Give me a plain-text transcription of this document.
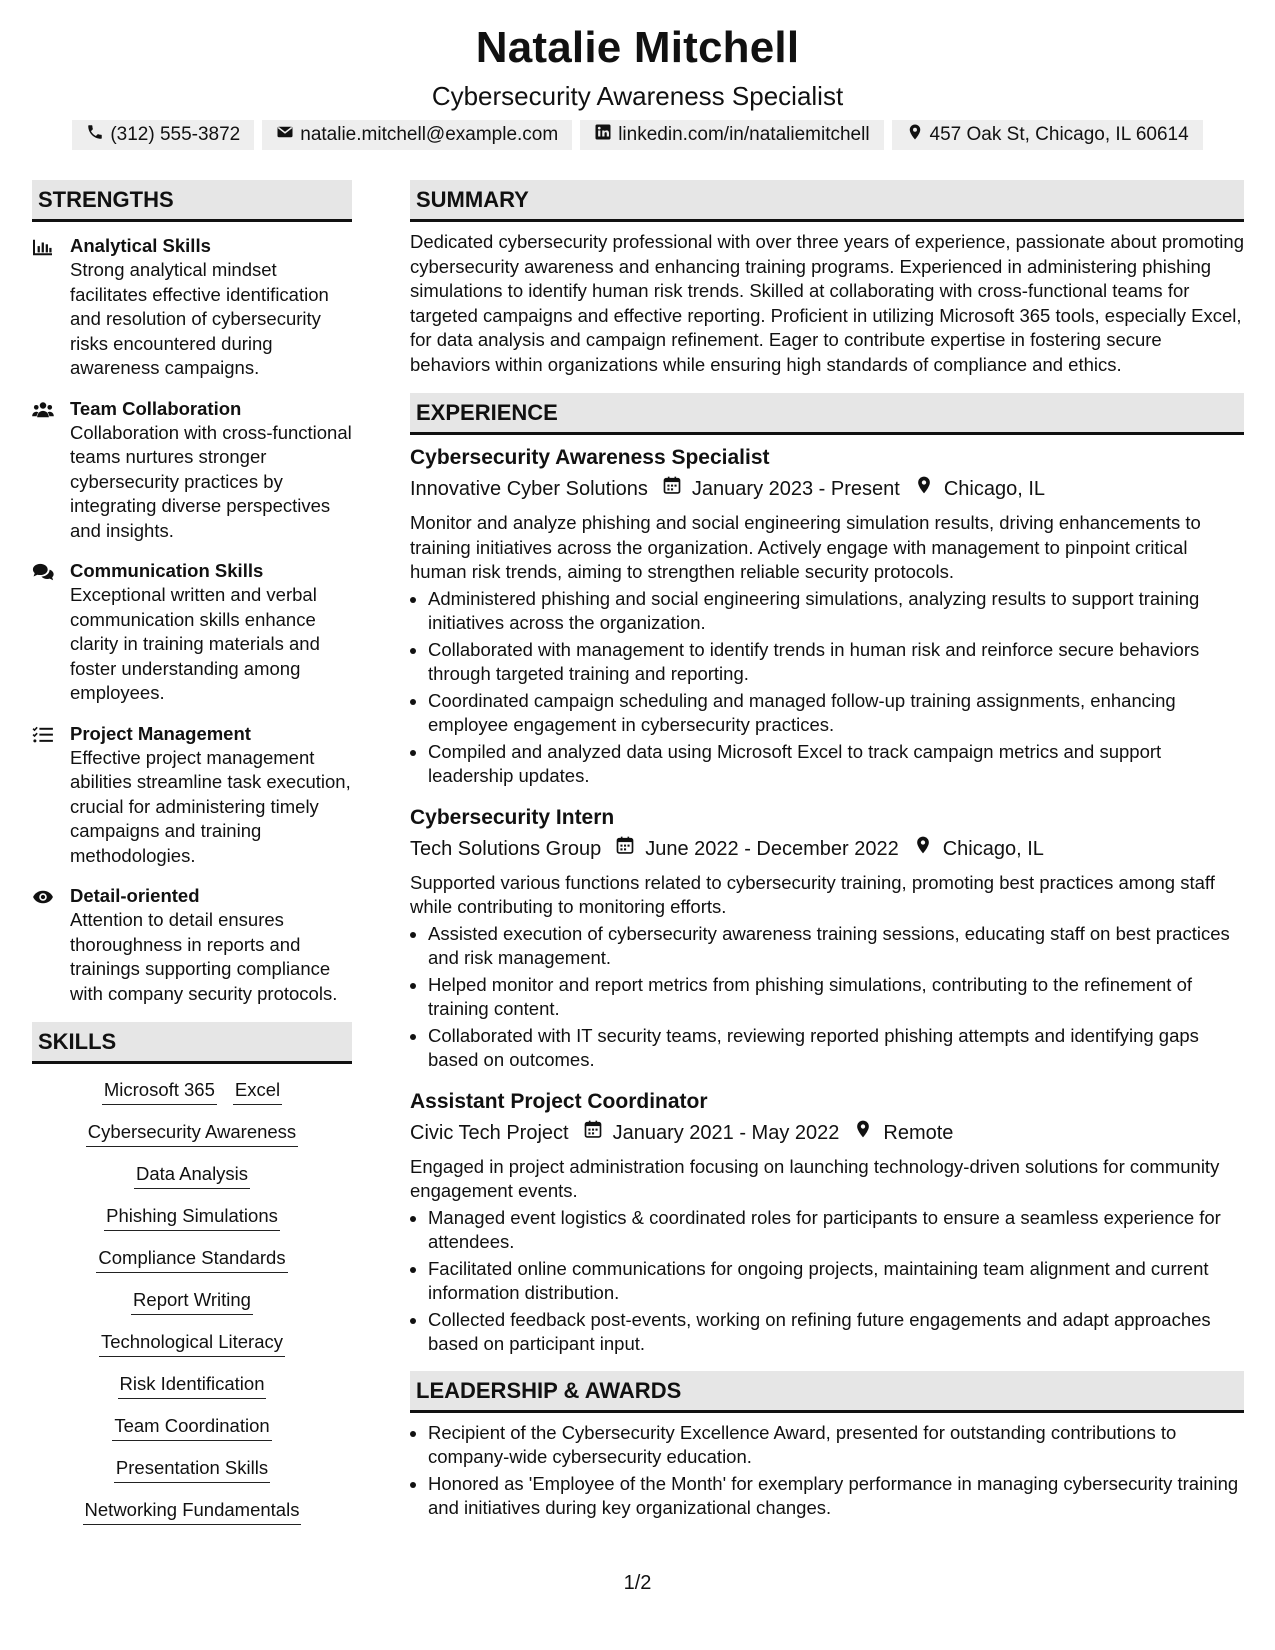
Natalie Mitchell
Cybersecurity Awareness Specialist
(312) 555-3872	natalie.mitchell@example.com	linkedin.com/in/nataliemitchell	457 Oak St, Chicago, IL 60614
STRENGTHS
Analytical Skills
Strong analytical mindset facilitates effective identification and resolution of cybersecurity risks encountered during awareness campaigns.
Team Collaboration
Collaboration with cross-functional teams nurtures stronger cybersecurity practices by integrating diverse perspectives and insights.
Communication Skills
Exceptional written and verbal communication skills enhance clarity in training materials and foster understanding among employees.
Project Management
Effective project management abilities streamline task execution, crucial for administering timely campaigns and training methodologies.
Detail-oriented
Attention to detail ensures thoroughness in reports and trainings supporting compliance with company security protocols.
SKILLS
Microsoft 365 Excel
Cybersecurity Awareness
Data Analysis
Phishing Simulations
Compliance Standards
Report Writing
Technological Literacy
Risk Identification
Team Coordination
Presentation Skills
Networking Fundamentals
SUMMARY
Dedicated cybersecurity professional with over three years of experience, passionate about promoting cybersecurity awareness and enhancing training programs. Experienced in administering phishing simulations to identify human risk trends. Skilled at collaborating with cross-functional teams for targeted campaigns and effective reporting. Proficient in utilizing Microsoft 365 tools, especially Excel, for data analysis and campaign refinement. Eager to contribute expertise in fostering secure behaviors within organizations while ensuring high standards of compliance and ethics.
EXPERIENCE
Cybersecurity Awareness Specialist
Innovative Cyber Solutions January 2023 - Present Chicago, IL
Monitor and analyze phishing and social engineering simulation results, driving enhancements to training initiatives across the organization. Actively engage with management to pinpoint critical human risk trends, aiming to strengthen reliable security protocols.
• Administered phishing and social engineering simulations, analyzing results to support training initiatives across the organization.
• Collaborated with management to identify trends in human risk and reinforce secure behaviors through targeted training and reporting.
• Coordinated campaign scheduling and managed follow-up training assignments, enhancing employee engagement in cybersecurity practices.
• Compiled and analyzed data using Microsoft Excel to track campaign metrics and support leadership updates.
Cybersecurity Intern
Tech Solutions Group June 2022 - December 2022 Chicago, IL
Supported various functions related to cybersecurity training, promoting best practices among staff while contributing to monitoring efforts.
• Assisted execution of cybersecurity awareness training sessions, educating staff on best practices and risk management.
• Helped monitor and report metrics from phishing simulations, contributing to the refinement of training content.
• Collaborated with IT security teams, reviewing reported phishing attempts and identifying gaps based on outcomes.
Assistant Project Coordinator
Civic Tech Project January 2021 - May 2022 Remote
Engaged in project administration focusing on launching technology-driven solutions for community engagement events.
• Managed event logistics & coordinated roles for participants to ensure a seamless experience for attendees.
• Facilitated online communications for ongoing projects, maintaining team alignment and current information distribution.
• Collected feedback post-events, working on refining future engagements and adapt approaches based on participant input.
LEADERSHIP & AWARDS
• Recipient of the Cybersecurity Excellence Award, presented for outstanding contributions to company-wide cybersecurity education.
• Honored as 'Employee of the Month' for exemplary performance in managing cybersecurity training and initiatives during key organizational changes.
1/2
